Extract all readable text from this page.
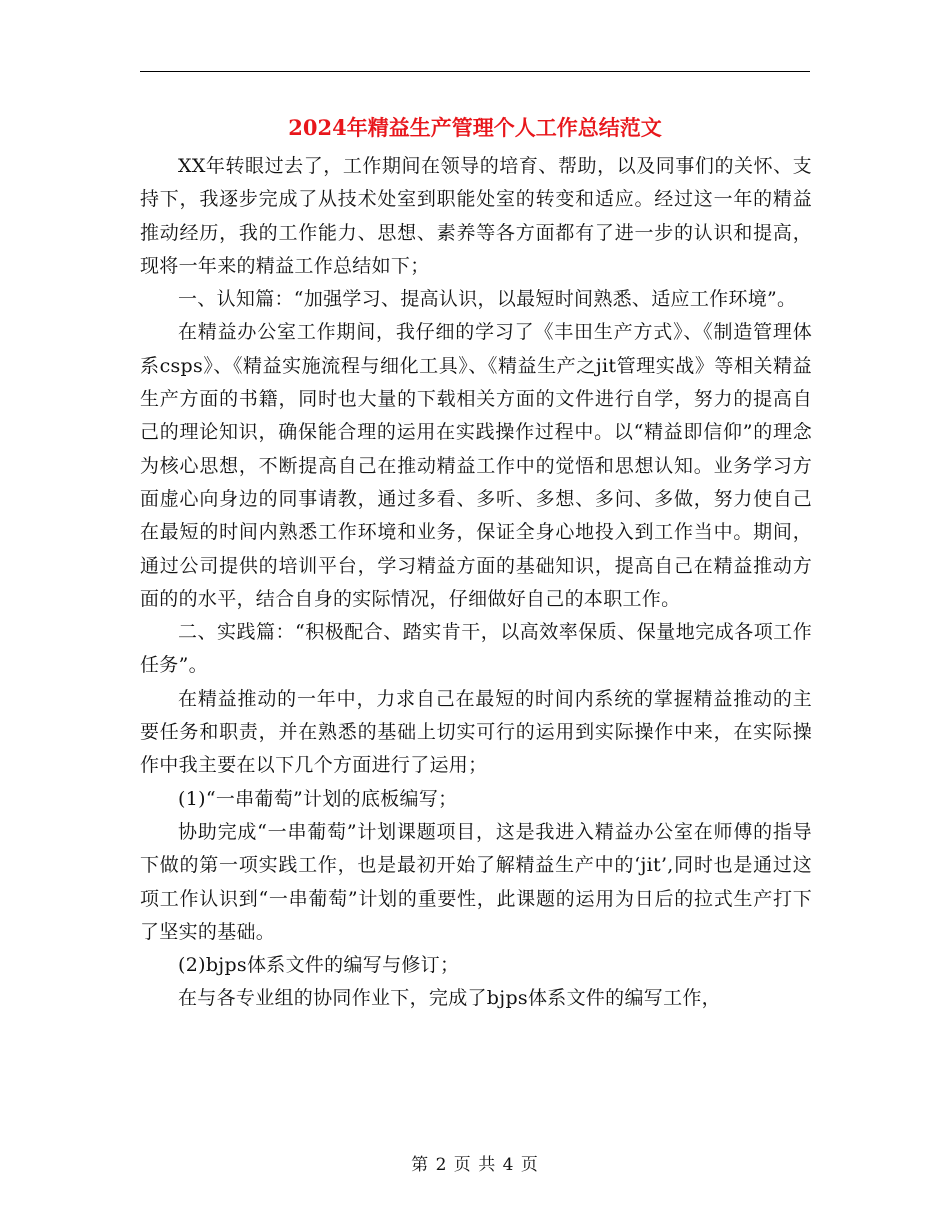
2024年精益生产管理个人工作总结范文

XX年转眼过去了，工作期间在领导的培育、帮助，以及同事们的关怀、支持下，我逐步完成了从技术处室到职能处室的转变和适应。经过这一年的精益推动经历，我的工作能力、思想、素养等各方面都有了进一步的认识和提高，现将一年来的精益工作总结如下；

一、认知篇：“加强学习、提高认识，以最短时间熟悉、适应工作环境”。

在精益办公室工作期间，我仔细的学习了《丰田生产方式》、《制造管理体系csps》、《精益实施流程与细化工具》、《精益生产之jit管理实战》等相关精益生产方面的书籍，同时也大量的下载相关方面的文件进行自学，努力的提高自己的理论知识，确保能合理的运用在实践操作过程中。以“精益即信仰”的理念为核心思想，不断提高自己在推动精益工作中的觉悟和思想认知。业务学习方面虚心向身边的同事请教，通过多看、多听、多想、多问、多做，努力使自己在最短的时间内熟悉工作环境和业务，保证全身心地投入到工作当中。期间，通过公司提供的培训平台，学习精益方面的基础知识，提高自己在精益推动方面的的水平，结合自身的实际情况，仔细做好自己的本职工作。

二、实践篇：“积极配合、踏实肯干，以高效率保质、保量地完成各项工作任务”。

在精益推动的一年中，力求自己在最短的时间内系统的掌握精益推动的主要任务和职责，并在熟悉的基础上切实可行的运用到实际操作中来，在实际操作中我主要在以下几个方面进行了运用；

(1)“一串葡萄”计划的底板编写；

协助完成“一串葡萄”计划课题项目，这是我进入精益办公室在师傅的指导下做的第一项实践工作，也是最初开始了解精益生产中的‘jit’,同时也是通过这项工作认识到“一串葡萄”计划的重要性，此课题的运用为日后的拉式生产打下了坚实的基础。

(2)bjps体系文件的编写与修订；

在与各专业组的协同作业下，完成了bjps体系文件的编写工作，

第 2 页 共 4 页
